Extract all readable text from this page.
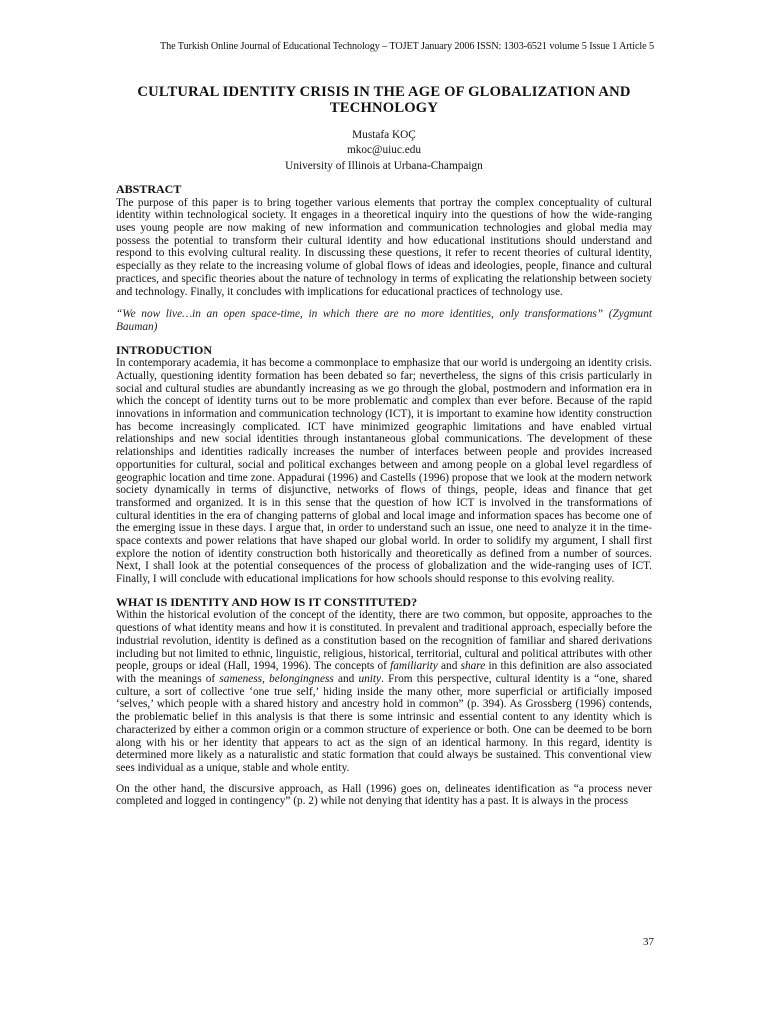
The Turkish Online Journal of Educational Technology – TOJET January 2006 ISSN: 1303-6521 volume 5 Issue 1 Article 5
CULTURAL IDENTITY CRISIS IN THE AGE OF GLOBALIZATION AND TECHNOLOGY
Mustafa KOÇ
mkoc@uiuc.edu
University of Illinois at Urbana-Champaign
ABSTRACT

The purpose of this paper is to bring together various elements that portray the complex conceptuality of cultural identity within technological society. It engages in a theoretical inquiry into the questions of how the wide-ranging uses young people are now making of new information and communication technologies and global media may possess the potential to transform their cultural identity and how educational institutions should understand and respond to this evolving cultural reality. In discussing these questions, it refer to recent theories of cultural identity, especially as they relate to the increasing volume of global flows of ideas and ideologies, people, finance and cultural practices, and specific theories about the nature of technology in terms of explicating the relationship between society and technology. Finally, it concludes with implications for educational practices of technology use.

“We now live…in an open space-time, in which there are no more identities, only transformations” (Zygmunt Bauman)

INTRODUCTION

In contemporary academia, it has become a commonplace to emphasize that our world is undergoing an identity crisis. Actually, questioning identity formation has been debated so far; nevertheless, the signs of this crisis particularly in social and cultural studies are abundantly increasing as we go through the global, postmodern and information era in which the concept of identity turns out to be more problematic and complex than ever before. Because of the rapid innovations in information and communication technology (ICT), it is important to examine how identity construction has become increasingly complicated. ICT have minimized geographic limitations and have enabled virtual relationships and new social identities through instantaneous global communications. The development of these relationships and identities radically increases the number of interfaces between people and provides increased opportunities for cultural, social and political exchanges between and among people on a global level regardless of geographic location and time zone. Appadurai (1996) and Castells (1996) propose that we look at the modern network society dynamically in terms of disjunctive, networks of flows of things, people, ideas and finance that get transformed and organized. It is in this sense that the question of how ICT is involved in the transformations of cultural identities in the era of changing patterns of global and local image and information spaces has become one of the emerging issue in these days. I argue that, in order to understand such an issue, one need to analyze it in the time-space contexts and power relations that have shaped our global world. In order to solidify my argument, I shall first explore the notion of identity construction both historically and theoretically as defined from a number of sources. Next, I shall look at the potential consequences of the process of globalization and the wide-ranging uses of ICT. Finally, I will conclude with educational implications for how schools should response to this evolving reality.

WHAT IS IDENTITY AND HOW IS IT CONSTITUTED?

Within the historical evolution of the concept of the identity, there are two common, but opposite, approaches to the questions of what identity means and how it is constituted. In prevalent and traditional approach, especially before the industrial revolution, identity is defined as a constitution based on the recognition of familiar and shared derivations including but not limited to ethnic, linguistic, religious, historical, territorial, cultural and political attributes with other people, groups or ideal (Hall, 1994, 1996). The concepts of familiarity and share in this definition are also associated with the meanings of sameness, belongingness and unity. From this perspective, cultural identity is a “one, shared culture, a sort of collective ‘one true self,’ hiding inside the many other, more superficial or artificially imposed ‘selves,’ which people with a shared history and ancestry hold in common” (p. 394). As Grossberg (1996) contends, the problematic belief in this analysis is that there is some intrinsic and essential content to any identity which is characterized by either a common origin or a common structure of experience or both. One can be deemed to be born along with his or her identity that appears to act as the sign of an identical harmony. In this regard, identity is determined more likely as a naturalistic and static formation that could always be sustained. This conventional view sees individual as a unique, stable and whole entity.

On the other hand, the discursive approach, as Hall (1996) goes on, delineates identification as “a process never completed and logged in contingency” (p. 2) while not denying that identity has a past. It is always in the process

37
